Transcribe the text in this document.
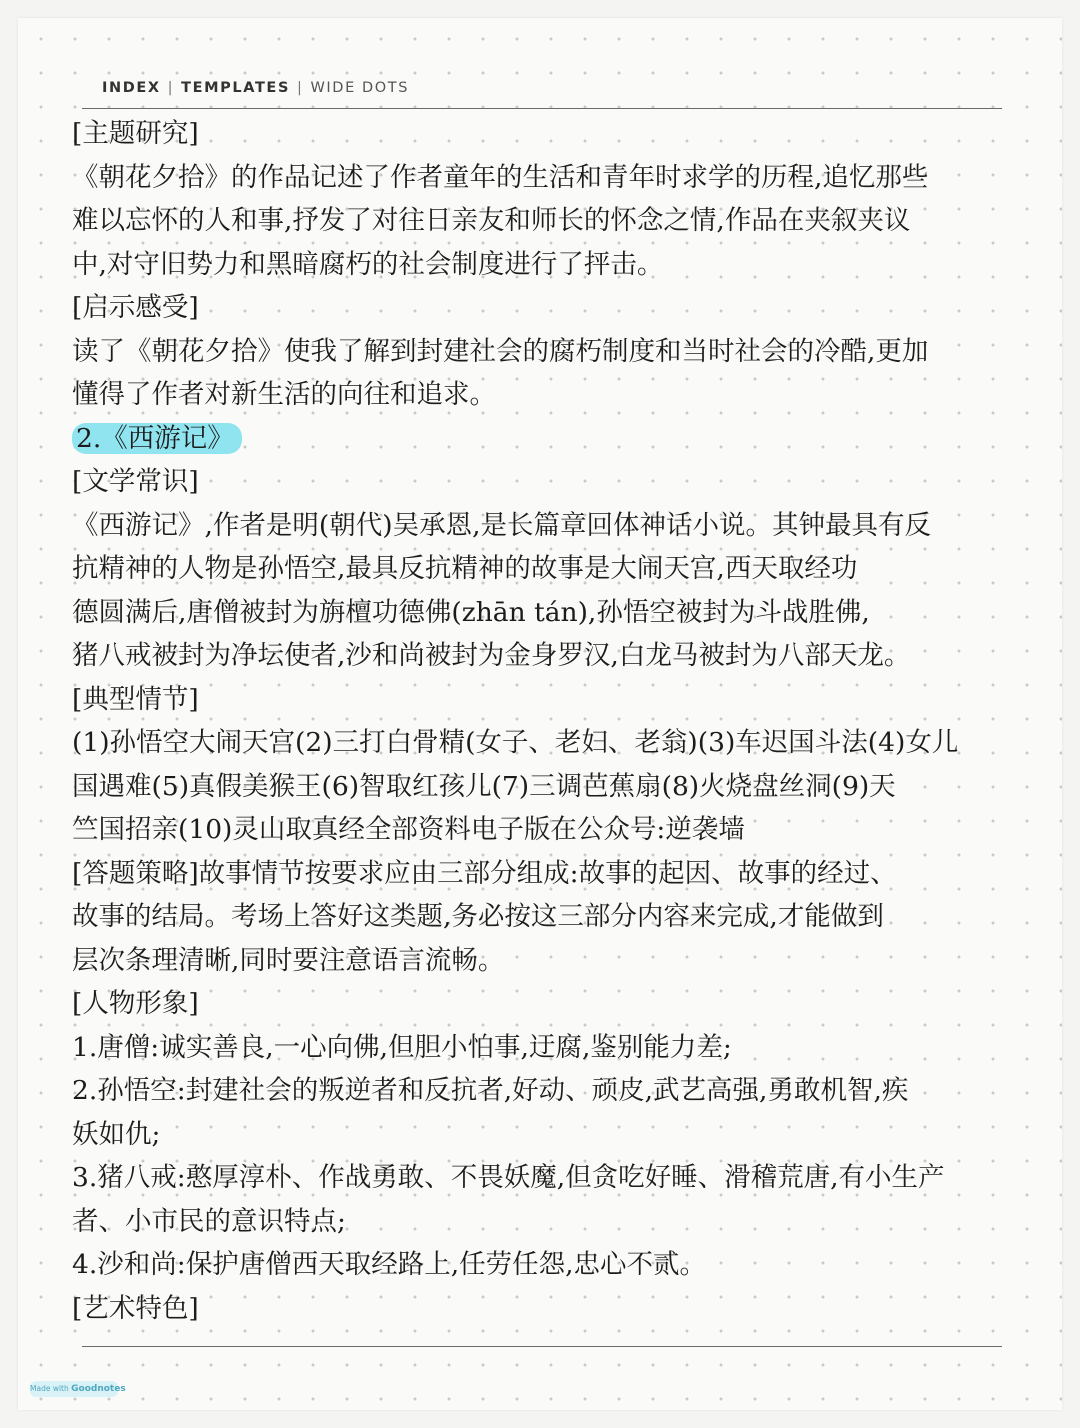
INDEX | TEMPLATES | WIDE DOTS
[主题研究]
《朝花夕拾》的作品记述了作者童年的生活和青年时求学的历程,追忆那些
难以忘怀的人和事,抒发了对往日亲友和师长的怀念之情,作品在夹叙夹议
中,对守旧势力和黑暗腐朽的社会制度进行了抨击。
[启示感受]
读了《朝花夕拾》使我了解到封建社会的腐朽制度和当时社会的冷酷,更加
懂得了作者对新生活的向往和追求。
2.《西游记》
[文学常识]
《西游记》,作者是明(朝代)吴承恩,是长篇章回体神话小说。其钟最具有反
抗精神的人物是孙悟空,最具反抗精神的故事是大闹天宫,西天取经功
德圆满后,唐僧被封为旃檀功德佛(zhān tán),孙悟空被封为斗战胜佛,
猪八戒被封为净坛使者,沙和尚被封为金身罗汉,白龙马被封为八部天龙。
[典型情节]
(1)孙悟空大闹天宫(2)三打白骨精(女子、老妇、老翁)(3)车迟国斗法(4)女儿
国遇难(5)真假美猴王(6)智取红孩儿(7)三调芭蕉扇(8)火烧盘丝洞(9)天
竺国招亲(10)灵山取真经全部资料电子版在公众号:逆袭墙
[答题策略]故事情节按要求应由三部分组成:故事的起因、故事的经过、
故事的结局。考场上答好这类题,务必按这三部分内容来完成,才能做到
层次条理清晰,同时要注意语言流畅。
[人物形象]
1.唐僧:诚实善良,一心向佛,但胆小怕事,迂腐,鉴别能力差;
2.孙悟空:封建社会的叛逆者和反抗者,好动、顽皮,武艺高强,勇敢机智,疾
妖如仇;
3.猪八戒:憨厚淳朴、作战勇敢、不畏妖魔,但贪吃好睡、滑稽荒唐,有小生产
者、小市民的意识特点;
4.沙和尚:保护唐僧西天取经路上,任劳任怨,忠心不贰。
[艺术特色]
Made with Goodnotes
